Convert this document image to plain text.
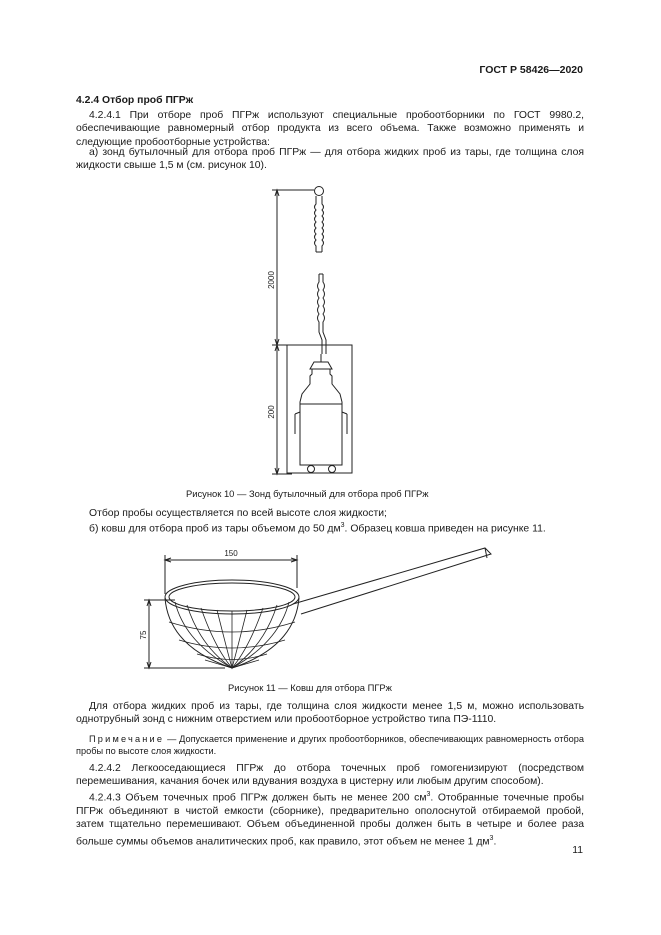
ГОСТ Р 58426—2020
4.2.4 Отбор проб ПГРж
4.2.4.1 При отборе проб ПГРж используют специальные пробоотборники по ГОСТ 9980.2, обеспечивающие равномерный отбор продукта из всего объема. Также возможно применять и следующие пробоотборные устройства:
а) зонд бутылочный для отбора проб ПГРж — для отбора жидких проб из тары, где толщина слоя жидкости свыше 1,5 м (см. рисунок 10).
2000
200
Рисунок 10 — Зонд бутылочный для отбора проб ПГРж
Отбор пробы осуществляется по всей высоте слоя жидкости;
б) ковш для отбора проб из тары объемом до 50 $дм^3$. Образец ковша приведен на рисунке 11.
150
75
Рисунок 11 — Ковш для отбора ПГРж
Для отбора жидких проб из тары, где толщина слоя жидкости менее 1,5 м, можно использовать однотрубный зонд с нижним отверстием или пробоотборное устройство типа ПЭ-1110.
Примечание — Допускается применение и других пробоотборников, обеспечивающих равномерность отбора пробы по высоте слоя жидкости.
4.2.4.2 Легкооседающиеся ПГРж до отбора точечных проб гомогенизируют (посредством перемешивания, качания бочек или вдувания воздуха в цистерну или любым другим способом).
4.2.4.3 Объем точечных проб ПГРж должен быть не менее 200 $см^3$. Отобранные точечные пробы ПГРж объединяют в чистой емкости (сборнике), предварительно ополоснутой отбираемой пробой, затем тщательно перемешивают. Объем объединенной пробы должен быть в четыре и более раза больше суммы объемов аналитических проб, как правило, этот объем не менее 1 $дм^3$.
11
